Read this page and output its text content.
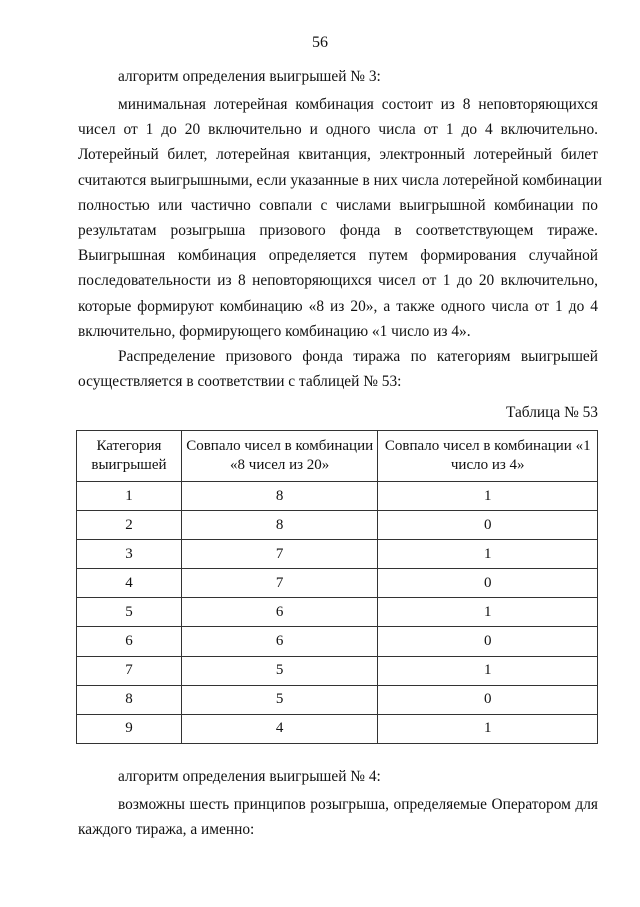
56
алгоритм определения выигрышей № 3:
минимальная лотерейная комбинация состоит из 8 неповторяющихся
чисел от 1 до 20 включительно и одного числа от 1 до 4 включительно.
Лотерейный билет, лотерейная квитанция, электронный лотерейный билет
считаются выигрышными, если указанные в них числа лотерейной комбинации
полностью или частично совпали с числами выигрышной комбинации по
результатам розыгрыша призового фонда в соответствующем тираже.
Выигрышная комбинация определяется путем формирования случайной
последовательности из 8 неповторяющихся чисел от 1 до 20 включительно,
которые формируют комбинацию «8 из 20», а также одного числа от 1 до 4
включительно, формирующего комбинацию «1 число из 4».
Распределение призового фонда тиража по категориям выигрышей
осуществляется в соответствии с таблицей № 53:
Таблица № 53
Категория выигрышей	Совпало чисел в комбинации «8 чисел из 20»	Совпало чисел в комбинации «1 число из 4»
1	8	1
2	8	0
3	7	1
4	7	0
5	6	1
6	6	0
7	5	1
8	5	0
9	4	1
алгоритм определения выигрышей № 4:
возможны шесть принципов розыгрыша, определяемые Оператором для
каждого тиража, а именно:
